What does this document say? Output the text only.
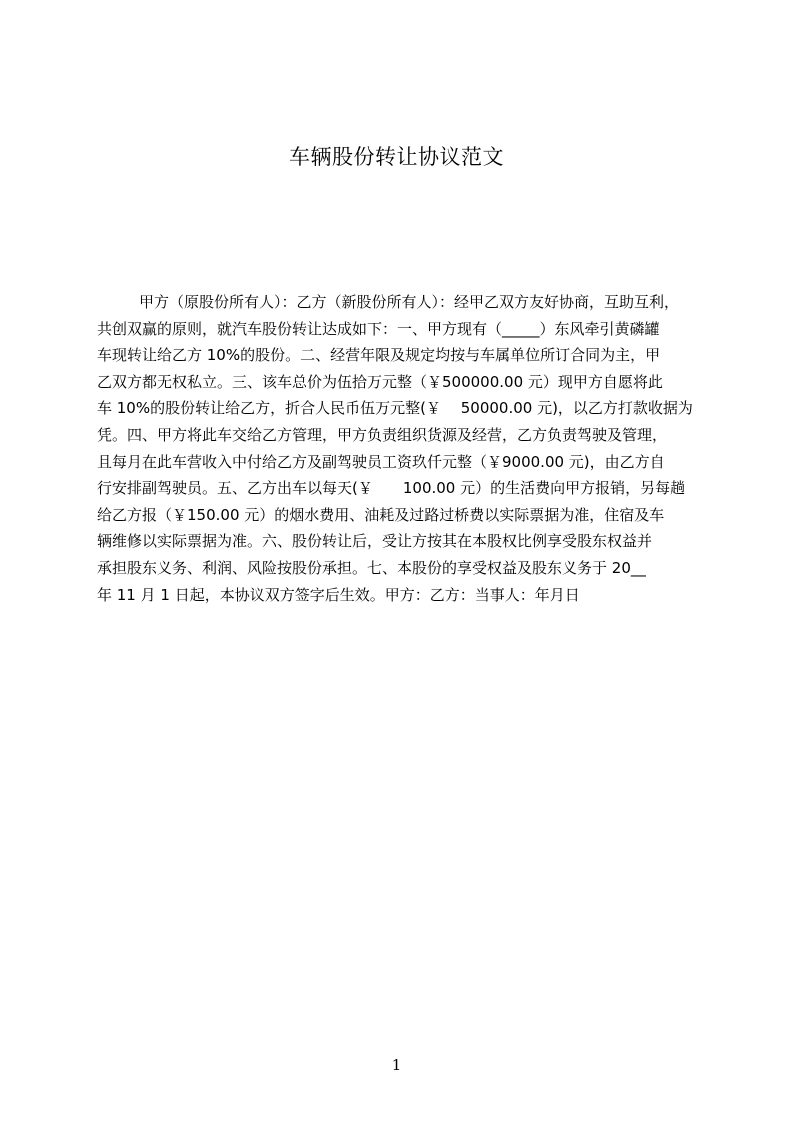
车辆股份转让协议范文
甲方（原股份所有人）：乙方（新股份所有人）：经甲乙双方友好协商，互助互利，
共创双赢的原则，就汽车股份转让达成如下：一、甲方现有（_____）东风牵引黄磷罐
车现转让给乙方 10%的股份。二、经营年限及规定均按与车属单位所订合同为主，甲
乙双方都无权私立。三、该车总价为伍拾万元整（￥500000.00 元）现甲方自愿将此
车 10%的股份转让给乙方，折合人民币伍万元整(￥　 50000.00 元)，以乙方打款收据为
凭。四、甲方将此车交给乙方管理，甲方负责组织货源及经营，乙方负责驾驶及管理，
且每月在此车营收入中付给乙方及副驾驶员工资玖仟元整（￥9000.00 元)，由乙方自
行安排副驾驶员。五、乙方出车以每天(￥　　100.00 元）的生活费向甲方报销，另每趟
给乙方报（￥150.00 元）的烟水费用、油耗及过路过桥费以实际票据为准，住宿及车
辆维修以实际票据为准。六、股份转让后，受让方按其在本股权比例享受股东权益并
承担股东义务、利润、风险按股份承担。七、本股份的享受权益及股东义务于 20__
年 11 月 1 日起，本协议双方签字后生效。甲方：乙方：当事人：年月日
1
